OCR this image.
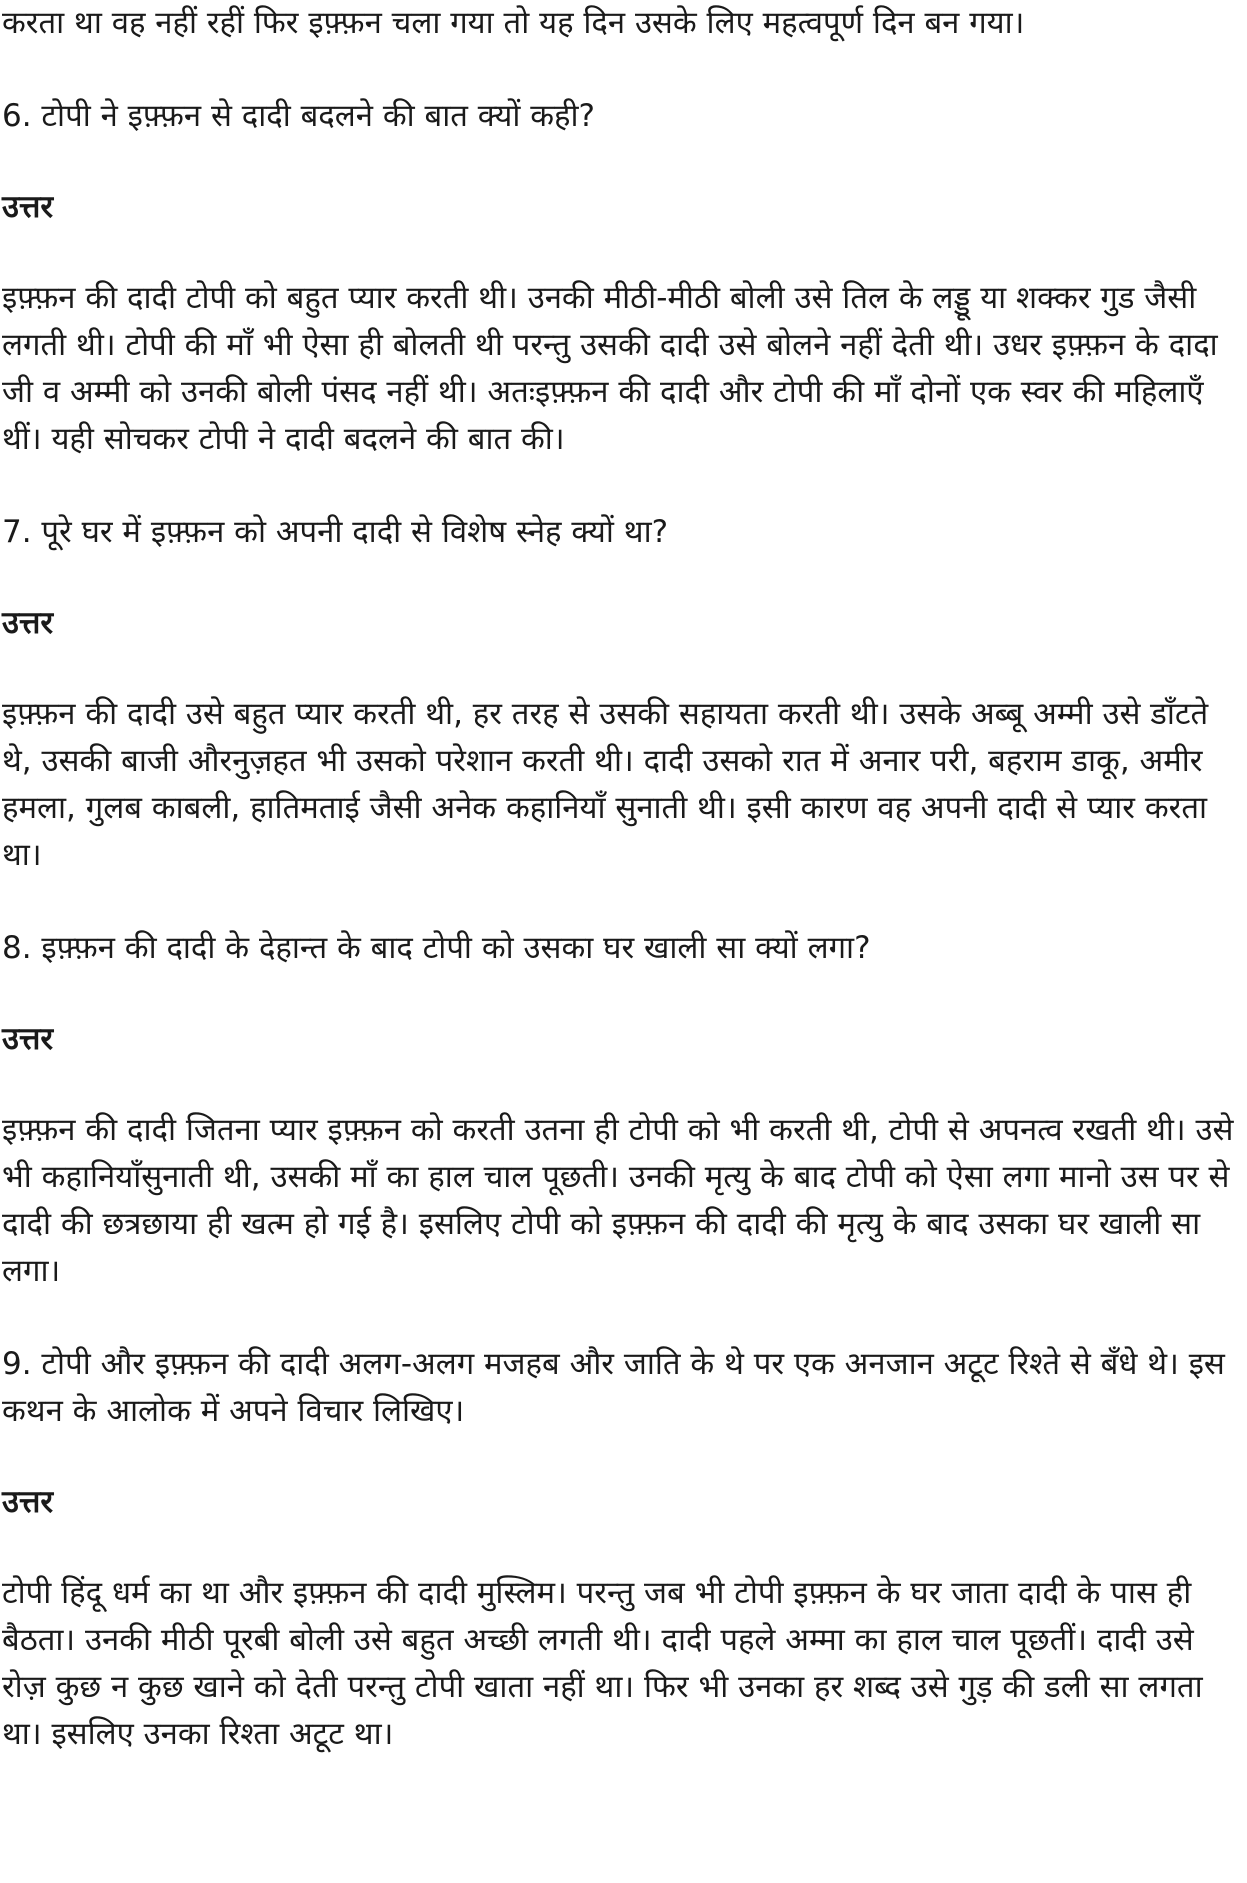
करता था वह नहीं रहीं फिर इफ़्फ़न चला गया तो यह दिन उसके लिए महत्वपूर्ण दिन बन गया।

6. टोपी ने इफ़्फ़न से दादी बदलने की बात क्यों कही?

उत्तर

इफ़्फ़न की दादी टोपी को बहुत प्यार करती थी। उनकी मीठी-मीठी बोली उसे तिल के लड्डू या शक्कर गुड जैसी लगती थी। टोपी की माँ भी ऐसा ही बोलती थी परन्तु उसकी दादी उसे बोलने नहीं देती थी। उधर इफ़्फ़न के दादा जी व अम्मी को उनकी बोली पंसद नहीं थी। अतःइफ़्फ़न की दादी और टोपी की माँ दोनों एक स्वर की महिलाएँ थीं। यही सोचकर टोपी ने दादी बदलने की बात की।

7. पूरे घर में इफ़्फ़न को अपनी दादी से विशेष स्नेह क्यों था?

उत्तर

इफ़्फ़न की दादी उसे बहुत प्यार करती थी, हर तरह से उसकी सहायता करती थी। उसके अब्बू अम्मी उसे डाँटते थे, उसकी बाजी औरनुज़हत भी उसको परेशान करती थी। दादी उसको रात में अनार परी, बहराम डाकू, अमीर हमला, गुलब काबली, हातिमताई जैसी अनेक कहानियाँ सुनाती थी। इसी कारण वह अपनी दादी से प्यार करता था।

8. इफ़्फ़न की दादी के देहान्त के बाद टोपी को उसका घर खाली सा क्यों लगा?

उत्तर

इफ़्फ़न की दादी जितना प्यार इफ़्फ़न को करती उतना ही टोपी को भी करती थी, टोपी से अपनत्व रखती थी। उसे भी कहानियाँसुनाती थी, उसकी माँ का हाल चाल पूछती। उनकी मृत्यु के बाद टोपी को ऐसा लगा मानो उस पर से दादी की छत्रछाया ही खत्म हो गई है। इसलिए टोपी को इफ़्फ़न की दादी की मृत्यु के बाद उसका घर खाली सा लगा।

9. टोपी और इफ़्फ़न की दादी अलग-अलग मजहब और जाति के थे पर एक अनजान अटूट रिश्ते से बँधे थे। इस कथन के आलोक में अपने विचार लिखिए।

उत्तर

टोपी हिंदू धर्म का था और इफ़्फ़न की दादी मुस्लिम। परन्तु जब भी टोपी इफ़्फ़न के घर जाता दादी के पास ही बैठता। उनकी मीठी पूरबी बोली उसे बहुत अच्छी लगती थी। दादी पहले अम्मा का हाल चाल पूछतीं। दादी उसे रोज़ कुछ न कुछ खाने को देती परन्तु टोपी खाता नहीं था। फिर भी उनका हर शब्द उसे गुड़ की डली सा लगता था। इसलिए उनका रिश्ता अटूट था।
